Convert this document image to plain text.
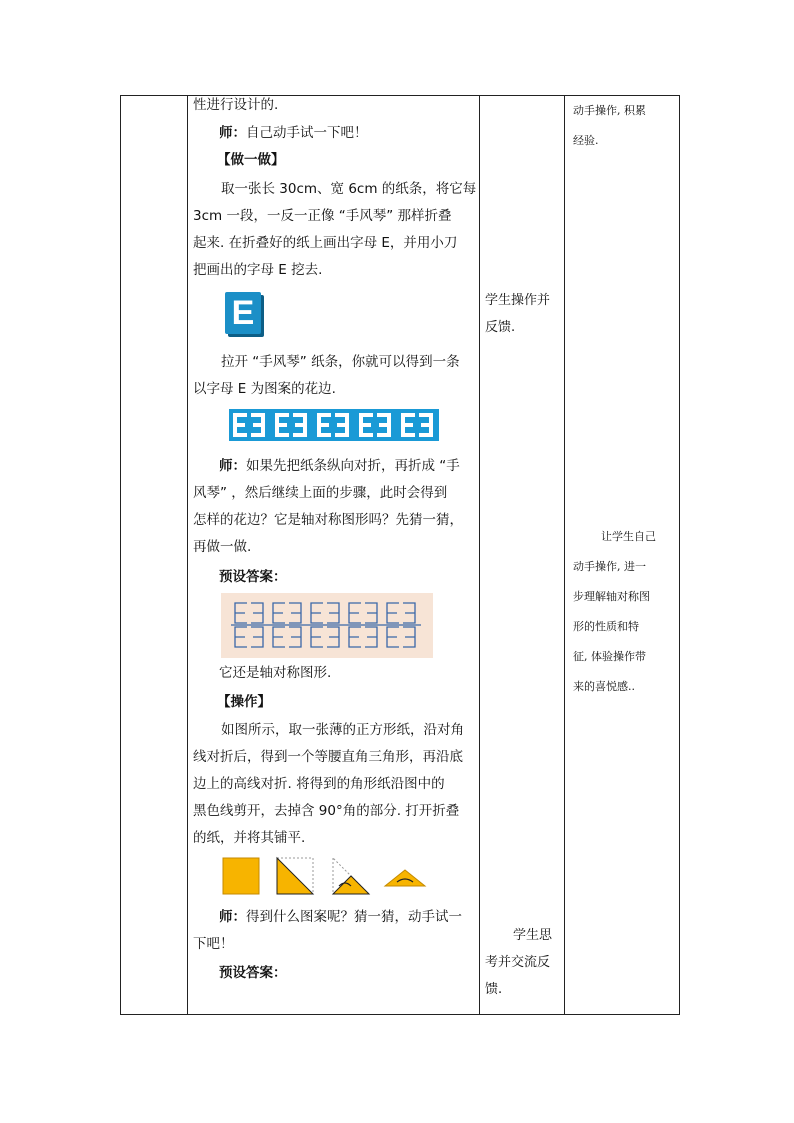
性进行设计的.
师：自己动手试一下吧！
【做一做】
取一张长 30cm、宽 6cm 的纸条，将它每
3cm 一段，一反一正像 “手风琴” 那样折叠
起来. 在折叠好的纸上画出字母 E，并用小刀
把画出的字母 E 挖去.
E
拉开 “手风琴” 纸条，你就可以得到一条
以字母 E 为图案的花边.
师：如果先把纸条纵向对折，再折成 “手
风琴” ，然后继续上面的步骤，此时会得到
怎样的花边？它是轴对称图形吗？先猜一猜，
再做一做.
预设答案：
它还是轴对称图形.
【操作】
如图所示，取一张薄的正方形纸，沿对角
线对折后，得到一个等腰直角三角形，再沿底
边上的高线对折. 将得到的角形纸沿图中的
黑色线剪开，去掉含 90°角的部分. 打开折叠
的纸，并将其铺平.
师：得到什么图案呢？猜一猜，动手试一
下吧！
预设答案：
学生操作并
反馈.
学生思
考并交流反
馈.
动手操作, 积累
经验.
让学生自己
动手操作, 进一
步理解轴对称图
形的性质和特
征, 体验操作带
来的喜悦感..
